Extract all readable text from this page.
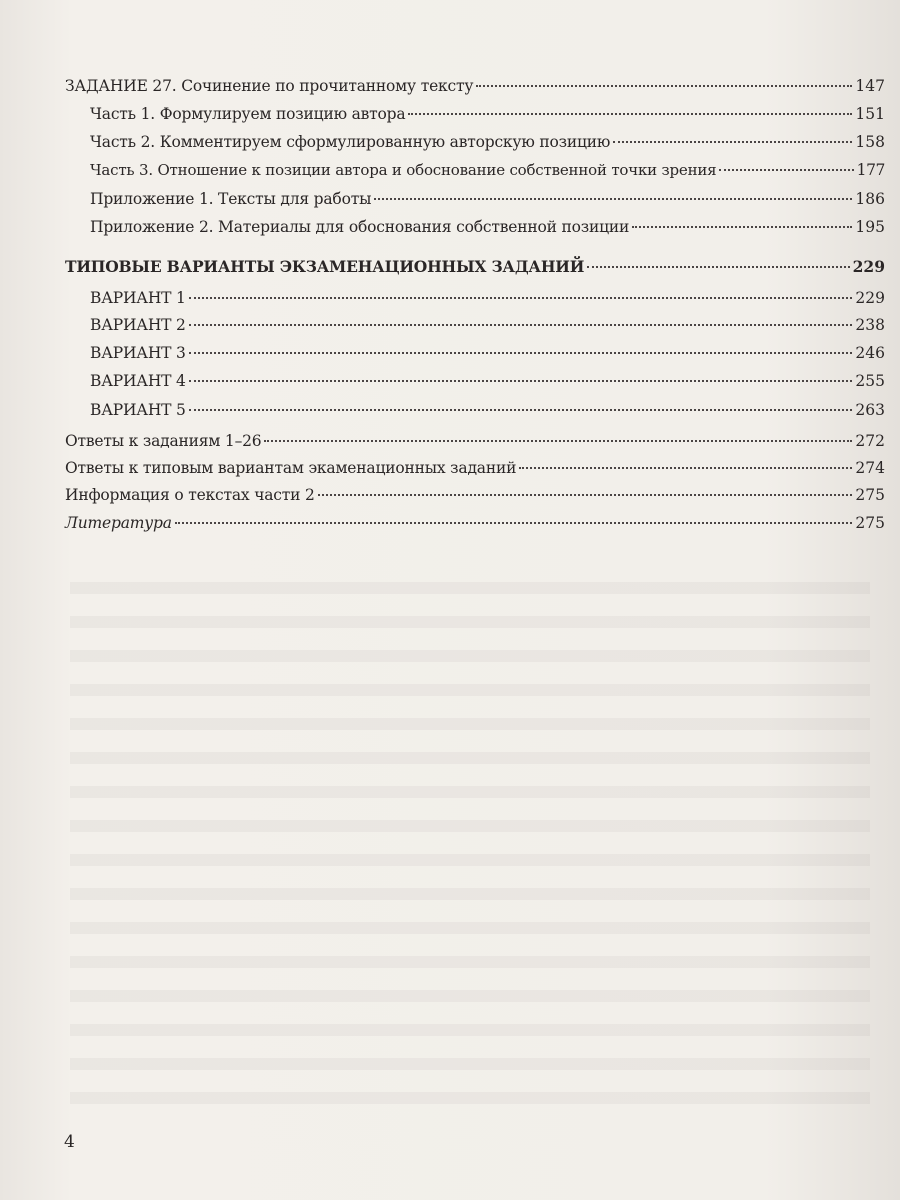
ЗАДАНИЕ 27. Сочинение по прочитанному тексту	147
Часть 1. Формулируем позицию автора	151
Часть 2. Комментируем сформулированную авторскую позицию	158
Часть 3. Отношение к позиции автора и обоснование собственной точки зрения	177
Приложение 1. Тексты для работы	186
Приложение 2. Материалы для обоснования собственной позиции	195
ТИПОВЫЕ ВАРИАНТЫ ЭКЗАМЕНАЦИОННЫХ ЗАДАНИЙ	229
ВАРИАНТ 1	229
ВАРИАНТ 2	238
ВАРИАНТ 3	246
ВАРИАНТ 4	255
ВАРИАНТ 5	263
Ответы к заданиям 1–26	272
Ответы к типовым вариантам экаменационных заданий	274
Информация о текстах части 2	275
Литература	275
4
